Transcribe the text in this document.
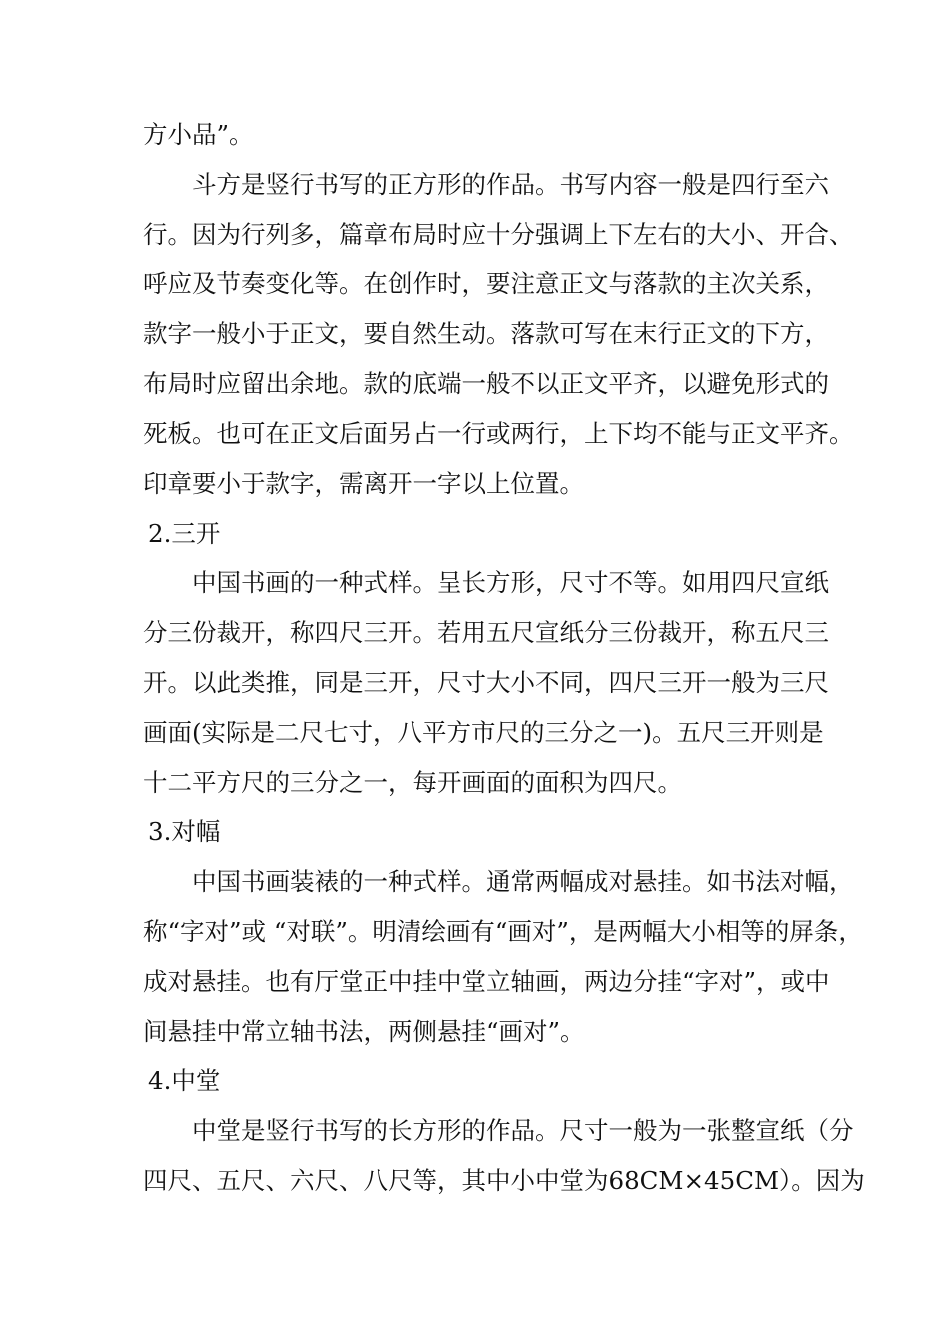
方小品”。
斗方是竖行书写的正方形的作品。书写内容一般是四行至六
行。因为行列多，篇章布局时应十分强调上下左右的大小、开合、
呼应及节奏变化等。在创作时，要注意正文与落款的主次关系，
款字一般小于正文，要自然生动。落款可写在末行正文的下方，
布局时应留出余地。款的底端一般不以正文平齐，以避免形式的
死板。也可在正文后面另占一行或两行，上下均不能与正文平齐。
印章要小于款字，需离开一字以上位置。
2.三开
中国书画的一种式样。呈长方形，尺寸不等。如用四尺宣纸
分三份裁开，称四尺三开。若用五尺宣纸分三份裁开，称五尺三
开。以此类推，同是三开，尺寸大小不同，四尺三开一般为三尺
画面(实际是二尺七寸，八平方市尺的三分之一)。五尺三开则是
十二平方尺的三分之一，每开画面的面积为四尺。
3.对幅
中国书画装裱的一种式样。通常两幅成对悬挂。如书法对幅，
称“字对”或 “对联”。明清绘画有“画对”，是两幅大小相等的屏条，
成对悬挂。也有厅堂正中挂中堂立轴画，两边分挂“字对”，或中
间悬挂中常立轴书法，两侧悬挂“画对”。
4.中堂
中堂是竖行书写的长方形的作品。尺寸一般为一张整宣纸（分
四尺、五尺、六尺、八尺等，其中小中堂为68CM×45CM）。因为
